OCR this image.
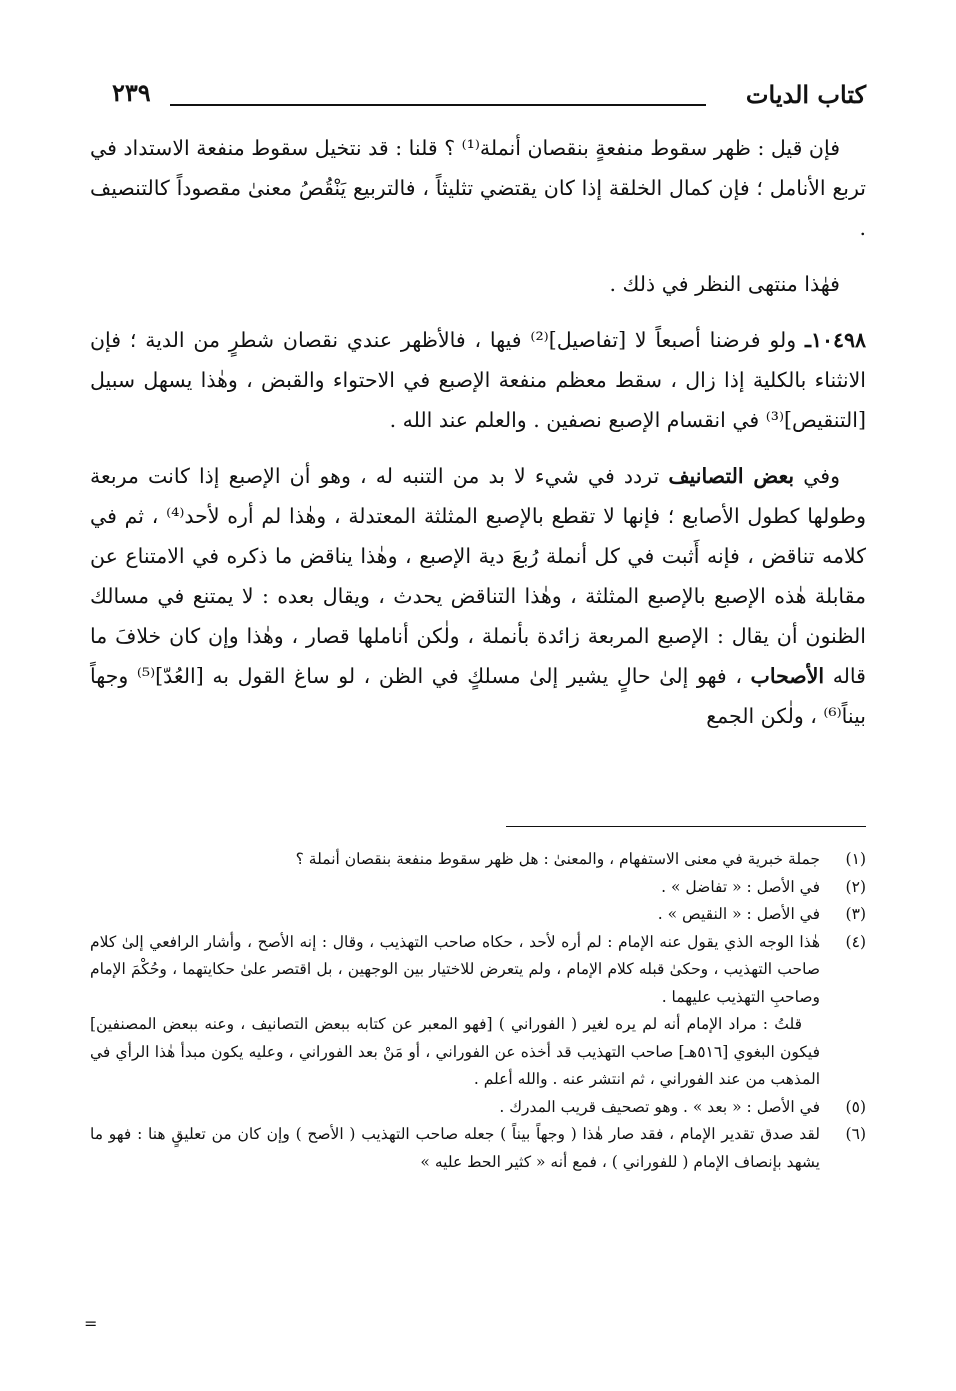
كتاب الديات
٢٣٩

فإن قيل : ظهر سقوط منفعةٍ بنقصان أنملة⁽¹⁾ ؟ قلنا : قد نتخيل سقوط منفعة الاستداد في تربع الأنامل ؛ فإن كمال الخلقة إذا كان يقتضي تثليثاً ، فالتربيع يَنْقُصُ معنىٰ مقصوداً كالتنصيف .

فهٰذا منتهى النظر في ذلك .

١٠٤٩٨ـ ولو فرضنا أصبعاً لا [تفاصيل]⁽²⁾ فيها ، فالأظهر عندي نقصان شطرٍ من الدية ؛ فإن الانثناء بالكلية إذا زال ، سقط معظم منفعة الإصبع في الاحتواء والقبض ، وهٰذا يسهل سبيل [التنقيص]⁽³⁾ في انقسام الإصبع نصفين . والعلم عند الله .

وفي بعض التصانيف تردد في شيء لا بد من التنبه له ، وهو أن الإصبع إذا كانت مربعة وطولها كطول الأصابع ؛ فإنها لا تقطع بالإصبع المثلثة المعتدلة ، وهٰذا لم أره لأحد⁽⁴⁾ ، ثم في كلامه تناقض ، فإنه أَثبت في كل أنملة رُبعَ دية الإصبع ، وهٰذا يناقض ما ذكره في الامتناع عن مقابلة هٰذه الإصبع بالإصبع المثلثة ، وهٰذا التناقض يحدث ، ويقال بعده : لا يمتنع في مسالك الظنون أن يقال : الإصبع المربعة زائدة بأنملة ، ولٰكن أناملها قصار ، وهٰذا وإن كان خلافَ ما قاله الأصحاب ، فهو إلىٰ حالٍ يشير إلىٰ مسلكٍ في الظن ، لو ساغ القول به [العُدّ]⁽⁵⁾ وجهاً بيناً⁽⁶⁾ ، ولٰكن الجمع

(١)
جملة خبرية في معنى الاستفهام ، والمعنىٰ : هل ظهر سقوط منفعة بنقصان أنملة ؟
(٢)
في الأصل : « تفاضل » .
(٣)
في الأصل : « النقيص » .
(٤)
هٰذا الوجه الذي يقول عنه الإمام : لم أره لأحد ، حكاه صاحب التهذيب ، وقال : إنه الأصح ، وأشار الرافعي إلىٰ كلام صاحب التهذيب ، وحكىٰ قبله كلام الإمام ، ولم يتعرض للاختيار بين الوجهين ، بل اقتصر علىٰ حكايتهما ، وحُكْمَ الإمام وصاحبِ التهذيب عليهما .
قلتُ : مراد الإمام أنه لم يره لغير ( الفوراني ) [فهو المعبر عن كتابه ببعض التصانيف ، وعنه ببعض المصنفين] فيكون البغوي [٥١٦هـ] صاحب التهذيب قد أخذه عن الفوراني ، أو مَنْ بعد الفوراني ، وعليه يكون مبدأ هٰذا الرأي في المذهب من عند الفوراني ، ثم انتشر عنه . والله أعلم .
(٥)
في الأصل : « بعد » . وهو تصحيف قريب المدرك .
(٦)
لقد صدق تقدير الإمام ، فقد صار هٰذا ( وجهاً بيناً ) جعله صاحب التهذيب ( الأصح ) وإن كان من تعليقٍ هنا : فهو ما يشهد بإنصاف الإمام ( للفوراني ) ، فمع أنه « كثير الحط عليه »
=
